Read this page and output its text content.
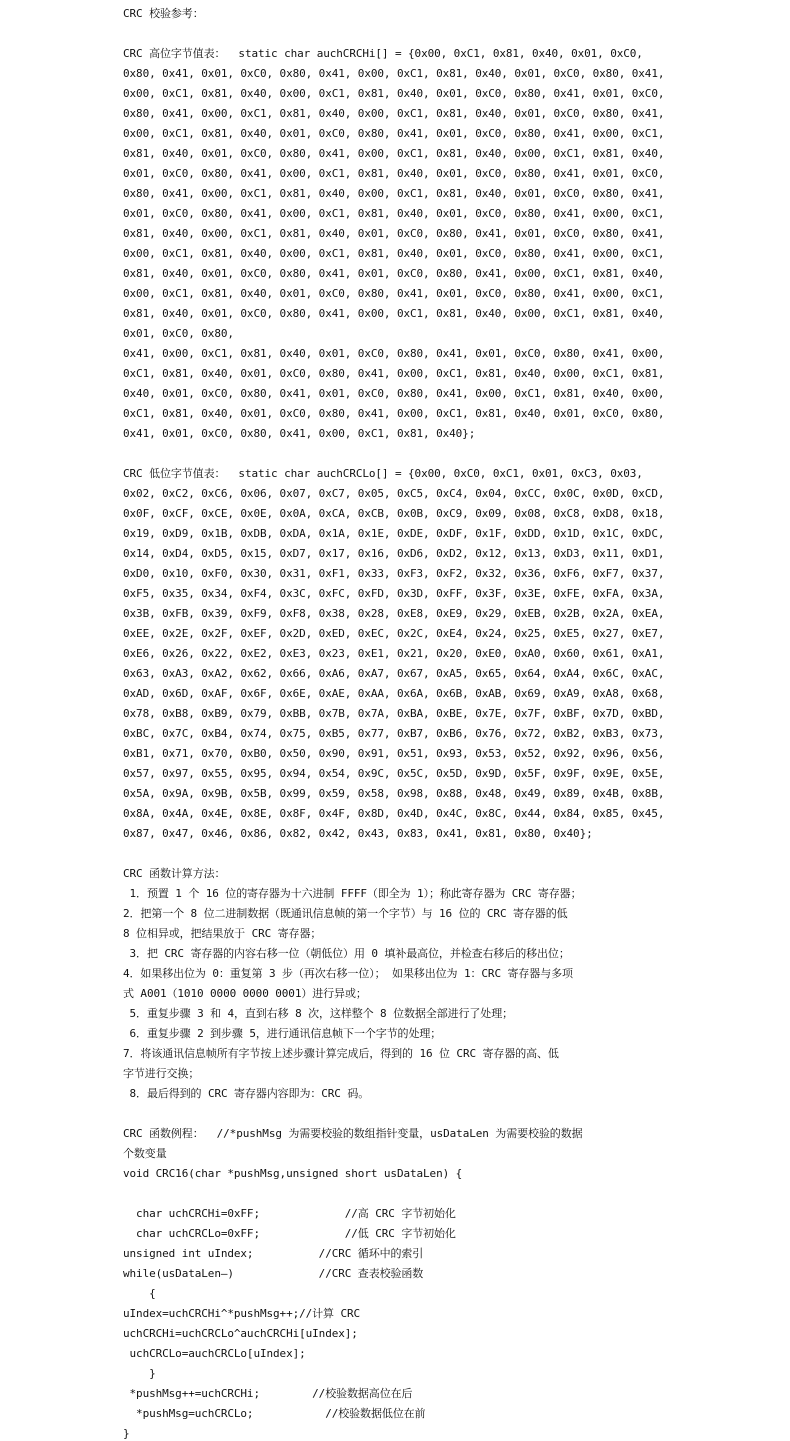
CRC 校验参考：
CRC 高位字节值表：  static char auchCRCHi[] = {0x00, 0xC1, 0x81, 0x40, 0x01, 0xC0,
0x80, 0x41, 0x01, 0xC0, 0x80, 0x41, 0x00, 0xC1, 0x81, 0x40, 0x01, 0xC0, 0x80, 0x41,
0x00, 0xC1, 0x81, 0x40, 0x00, 0xC1, 0x81, 0x40, 0x01, 0xC0, 0x80, 0x41, 0x01, 0xC0,
0x80, 0x41, 0x00, 0xC1, 0x81, 0x40, 0x00, 0xC1, 0x81, 0x40, 0x01, 0xC0, 0x80, 0x41,
0x00, 0xC1, 0x81, 0x40, 0x01, 0xC0, 0x80, 0x41, 0x01, 0xC0, 0x80, 0x41, 0x00, 0xC1,
0x81, 0x40, 0x01, 0xC0, 0x80, 0x41, 0x00, 0xC1, 0x81, 0x40, 0x00, 0xC1, 0x81, 0x40,
0x01, 0xC0, 0x80, 0x41, 0x00, 0xC1, 0x81, 0x40, 0x01, 0xC0, 0x80, 0x41, 0x01, 0xC0,
0x80, 0x41, 0x00, 0xC1, 0x81, 0x40, 0x00, 0xC1, 0x81, 0x40, 0x01, 0xC0, 0x80, 0x41,
0x01, 0xC0, 0x80, 0x41, 0x00, 0xC1, 0x81, 0x40, 0x01, 0xC0, 0x80, 0x41, 0x00, 0xC1,
0x81, 0x40, 0x00, 0xC1, 0x81, 0x40, 0x01, 0xC0, 0x80, 0x41, 0x01, 0xC0, 0x80, 0x41,
0x00, 0xC1, 0x81, 0x40, 0x00, 0xC1, 0x81, 0x40, 0x01, 0xC0, 0x80, 0x41, 0x00, 0xC1,
0x81, 0x40, 0x01, 0xC0, 0x80, 0x41, 0x01, 0xC0, 0x80, 0x41, 0x00, 0xC1, 0x81, 0x40,
0x00, 0xC1, 0x81, 0x40, 0x01, 0xC0, 0x80, 0x41, 0x01, 0xC0, 0x80, 0x41, 0x00, 0xC1,
0x81, 0x40, 0x01, 0xC0, 0x80, 0x41, 0x00, 0xC1, 0x81, 0x40, 0x00, 0xC1, 0x81, 0x40,
0x01, 0xC0, 0x80,
0x41, 0x00, 0xC1, 0x81, 0x40, 0x01, 0xC0, 0x80, 0x41, 0x01, 0xC0, 0x80, 0x41, 0x00,
0xC1, 0x81, 0x40, 0x01, 0xC0, 0x80, 0x41, 0x00, 0xC1, 0x81, 0x40, 0x00, 0xC1, 0x81,
0x40, 0x01, 0xC0, 0x80, 0x41, 0x01, 0xC0, 0x80, 0x41, 0x00, 0xC1, 0x81, 0x40, 0x00,
0xC1, 0x81, 0x40, 0x01, 0xC0, 0x80, 0x41, 0x00, 0xC1, 0x81, 0x40, 0x01, 0xC0, 0x80,
0x41, 0x01, 0xC0, 0x80, 0x41, 0x00, 0xC1, 0x81, 0x40};
CRC 低位字节值表：  static char auchCRCLo[] = {0x00, 0xC0, 0xC1, 0x01, 0xC3, 0x03,
0x02, 0xC2, 0xC6, 0x06, 0x07, 0xC7, 0x05, 0xC5, 0xC4, 0x04, 0xCC, 0x0C, 0x0D, 0xCD,
0x0F, 0xCF, 0xCE, 0x0E, 0x0A, 0xCA, 0xCB, 0x0B, 0xC9, 0x09, 0x08, 0xC8, 0xD8, 0x18,
0x19, 0xD9, 0x1B, 0xDB, 0xDA, 0x1A, 0x1E, 0xDE, 0xDF, 0x1F, 0xDD, 0x1D, 0x1C, 0xDC,
0x14, 0xD4, 0xD5, 0x15, 0xD7, 0x17, 0x16, 0xD6, 0xD2, 0x12, 0x13, 0xD3, 0x11, 0xD1,
0xD0, 0x10, 0xF0, 0x30, 0x31, 0xF1, 0x33, 0xF3, 0xF2, 0x32, 0x36, 0xF6, 0xF7, 0x37,
0xF5, 0x35, 0x34, 0xF4, 0x3C, 0xFC, 0xFD, 0x3D, 0xFF, 0x3F, 0x3E, 0xFE, 0xFA, 0x3A,
0x3B, 0xFB, 0x39, 0xF9, 0xF8, 0x38, 0x28, 0xE8, 0xE9, 0x29, 0xEB, 0x2B, 0x2A, 0xEA,
0xEE, 0x2E, 0x2F, 0xEF, 0x2D, 0xED, 0xEC, 0x2C, 0xE4, 0x24, 0x25, 0xE5, 0x27, 0xE7,
0xE6, 0x26, 0x22, 0xE2, 0xE3, 0x23, 0xE1, 0x21, 0x20, 0xE0, 0xA0, 0x60, 0x61, 0xA1,
0x63, 0xA3, 0xA2, 0x62, 0x66, 0xA6, 0xA7, 0x67, 0xA5, 0x65, 0x64, 0xA4, 0x6C, 0xAC,
0xAD, 0x6D, 0xAF, 0x6F, 0x6E, 0xAE, 0xAA, 0x6A, 0x6B, 0xAB, 0x69, 0xA9, 0xA8, 0x68,
0x78, 0xB8, 0xB9, 0x79, 0xBB, 0x7B, 0x7A, 0xBA, 0xBE, 0x7E, 0x7F, 0xBF, 0x7D, 0xBD,
0xBC, 0x7C, 0xB4, 0x74, 0x75, 0xB5, 0x77, 0xB7, 0xB6, 0x76, 0x72, 0xB2, 0xB3, 0x73,
0xB1, 0x71, 0x70, 0xB0, 0x50, 0x90, 0x91, 0x51, 0x93, 0x53, 0x52, 0x92, 0x96, 0x56,
0x57, 0x97, 0x55, 0x95, 0x94, 0x54, 0x9C, 0x5C, 0x5D, 0x9D, 0x5F, 0x9F, 0x9E, 0x5E,
0x5A, 0x9A, 0x9B, 0x5B, 0x99, 0x59, 0x58, 0x98, 0x88, 0x48, 0x49, 0x89, 0x4B, 0x8B,
0x8A, 0x4A, 0x4E, 0x8E, 0x8F, 0x4F, 0x8D, 0x4D, 0x4C, 0x8C, 0x44, 0x84, 0x85, 0x45,
0x87, 0x47, 0x46, 0x86, 0x82, 0x42, 0x43, 0x83, 0x41, 0x81, 0x80, 0x40};
CRC 函数计算方法：
1．预置 1 个 16 位的寄存器为十六进制 FFFF（即全为 1）；称此寄存器为 CRC 寄存器；
2．把第一个 8 位二进制数据（既通讯信息帧的第一个字节）与 16 位的 CRC 寄存器的低
8 位相异或，把结果放于 CRC 寄存器；
3．把 CRC 寄存器的内容右移一位（朝低位）用 0 填补最高位，并检查右移后的移出位；
4．如果移出位为 0：重复第 3 步（再次右移一位）； 如果移出位为 1：CRC 寄存器与多项
式 A001（1010 0000 0000 0001）进行异或；
5．重复步骤 3 和 4，直到右移 8 次，这样整个 8 位数据全部进行了处理；
6．重复步骤 2 到步骤 5，进行通讯信息帧下一个字节的处理；
7．将该通讯信息帧所有字节按上述步骤计算完成后，得到的 16 位 CRC 寄存器的高、低
字节进行交换；
8．最后得到的 CRC 寄存器内容即为：CRC 码。
CRC 函数例程：  //*pushMsg 为需要校验的数组指针变量，usDataLen 为需要校验的数据
个数变量
void CRC16(char *pushMsg,unsigned short usDataLen) {
char uchCRCHi=0xFF;             //高 CRC 字节初始化
char uchCRCLo=0xFF;             //低 CRC 字节初始化
unsigned int uIndex;          //CRC 循环中的索引
while(usDataLen—)             //CRC 查表校验函数
{
uIndex=uchCRCHi^*pushMsg++;//计算 CRC
uchCRCHi=uchCRCLo^auchCRCHi[uIndex];
uchCRCLo=auchCRCLo[uIndex];
}
*pushMsg++=uchCRCHi;        //校验数据高位在后
*pushMsg=uchCRCLo;           //校验数据低位在前
}
